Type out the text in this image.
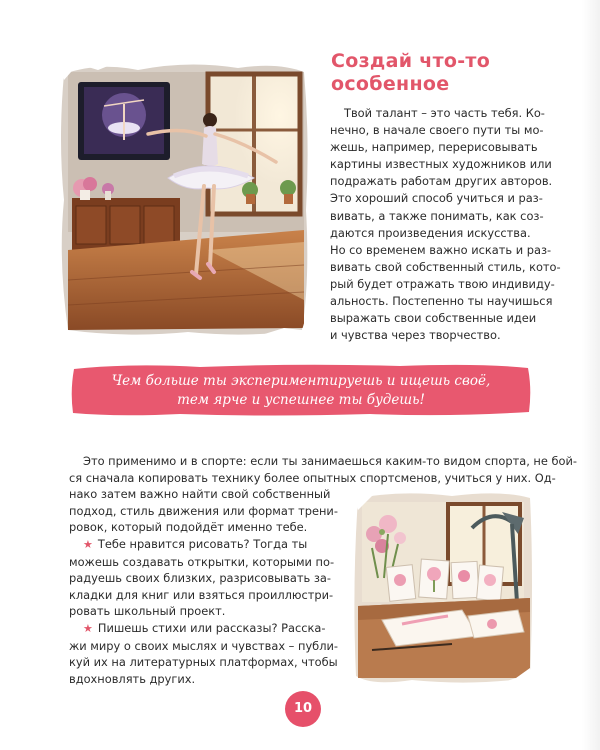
Создай что-то
особенное
Твой талант – это часть тебя. Ко-
нечно, в начале своего пути ты мо-
жешь, например, перерисовывать
картины известных художников или
подражать работам других авторов.
Это хороший способ учиться и раз-
вивать, а также понимать, как соз-
даются произведения искусства.
Но со временем важно искать и раз-
вивать свой собственный стиль, кото-
рый будет отражать твою индивиду-
альность. Постепенно ты научишься
выражать свои собственные идеи
и чувства через творчество.
Чем больше ты экспериментируешь и ищешь своё,
тем ярче и успешнее ты будешь!
Это применимо и в спорте: если ты занимаешься каким-то видом спорта, не бой-
ся сначала копировать технику более опытных спортсменов, учиться у них. Од-
нако затем важно найти свой собственный
подход, стиль движения или формат трени-
ровок, который подойдёт именно тебе.
★ Тебе нравится рисовать? Тогда ты
можешь создавать открытки, которыми по-
радуешь своих близких, разрисовывать за-
кладки для книг или взяться проиллюстри-
ровать школьный проект.
★ Пишешь стихи или рассказы? Расска-
жи миру о своих мыслях и чувствах – публи-
куй их на литературных платформах, чтобы
вдохновлять других.
10
